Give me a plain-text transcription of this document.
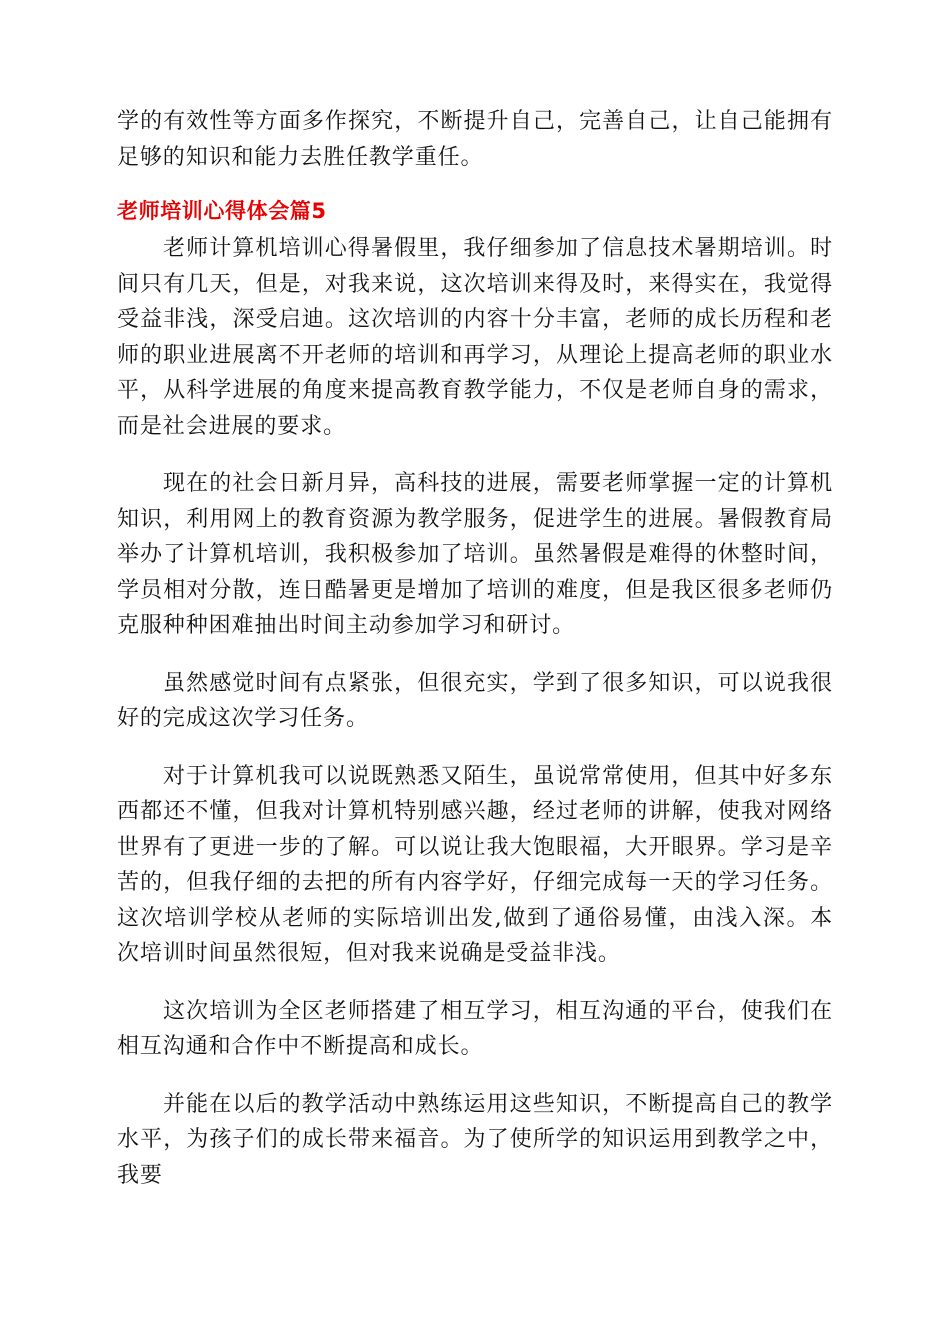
学的有效性等方面多作探究，不断提升自己，完善自己，让自己能拥有足够的知识和能力去胜任教学重任。

老师培训心得体会篇5

老师计算机培训心得暑假里，我仔细参加了信息技术暑期培训。时间只有几天，但是，对我来说，这次培训来得及时，来得实在，我觉得受益非浅，深受启迪。这次培训的内容十分丰富，老师的成长历程和老师的职业进展离不开老师的培训和再学习，从理论上提高老师的职业水平，从科学进展的角度来提高教育教学能力，不仅是老师自身的需求，而是社会进展的要求。

现在的社会日新月异，高科技的进展，需要老师掌握一定的计算机知识，利用网上的教育资源为教学服务，促进学生的进展。暑假教育局举办了计算机培训，我积极参加了培训。虽然暑假是难得的休整时间，学员相对分散，连日酷暑更是增加了培训的难度，但是我区很多老师仍克服种种困难抽出时间主动参加学习和研讨。

虽然感觉时间有点紧张，但很充实，学到了很多知识，可以说我很好的完成这次学习任务。

对于计算机我可以说既熟悉又陌生，虽说常常使用，但其中好多东西都还不懂，但我对计算机特别感兴趣，经过老师的讲解，使我对网络世界有了更进一步的了解。可以说让我大饱眼福，大开眼界。学习是辛苦的，但我仔细的去把的所有内容学好，仔细完成每一天的学习任务。这次培训学校从老师的实际培训出发,做到了通俗易懂，由浅入深。本次培训时间虽然很短，但对我来说确是受益非浅。

这次培训为全区老师搭建了相互学习，相互沟通的平台，使我们在相互沟通和合作中不断提高和成长。

并能在以后的教学活动中熟练运用这些知识，不断提高自己的教学水平，为孩子们的成长带来福音。为了使所学的知识运用到教学之中，我要
